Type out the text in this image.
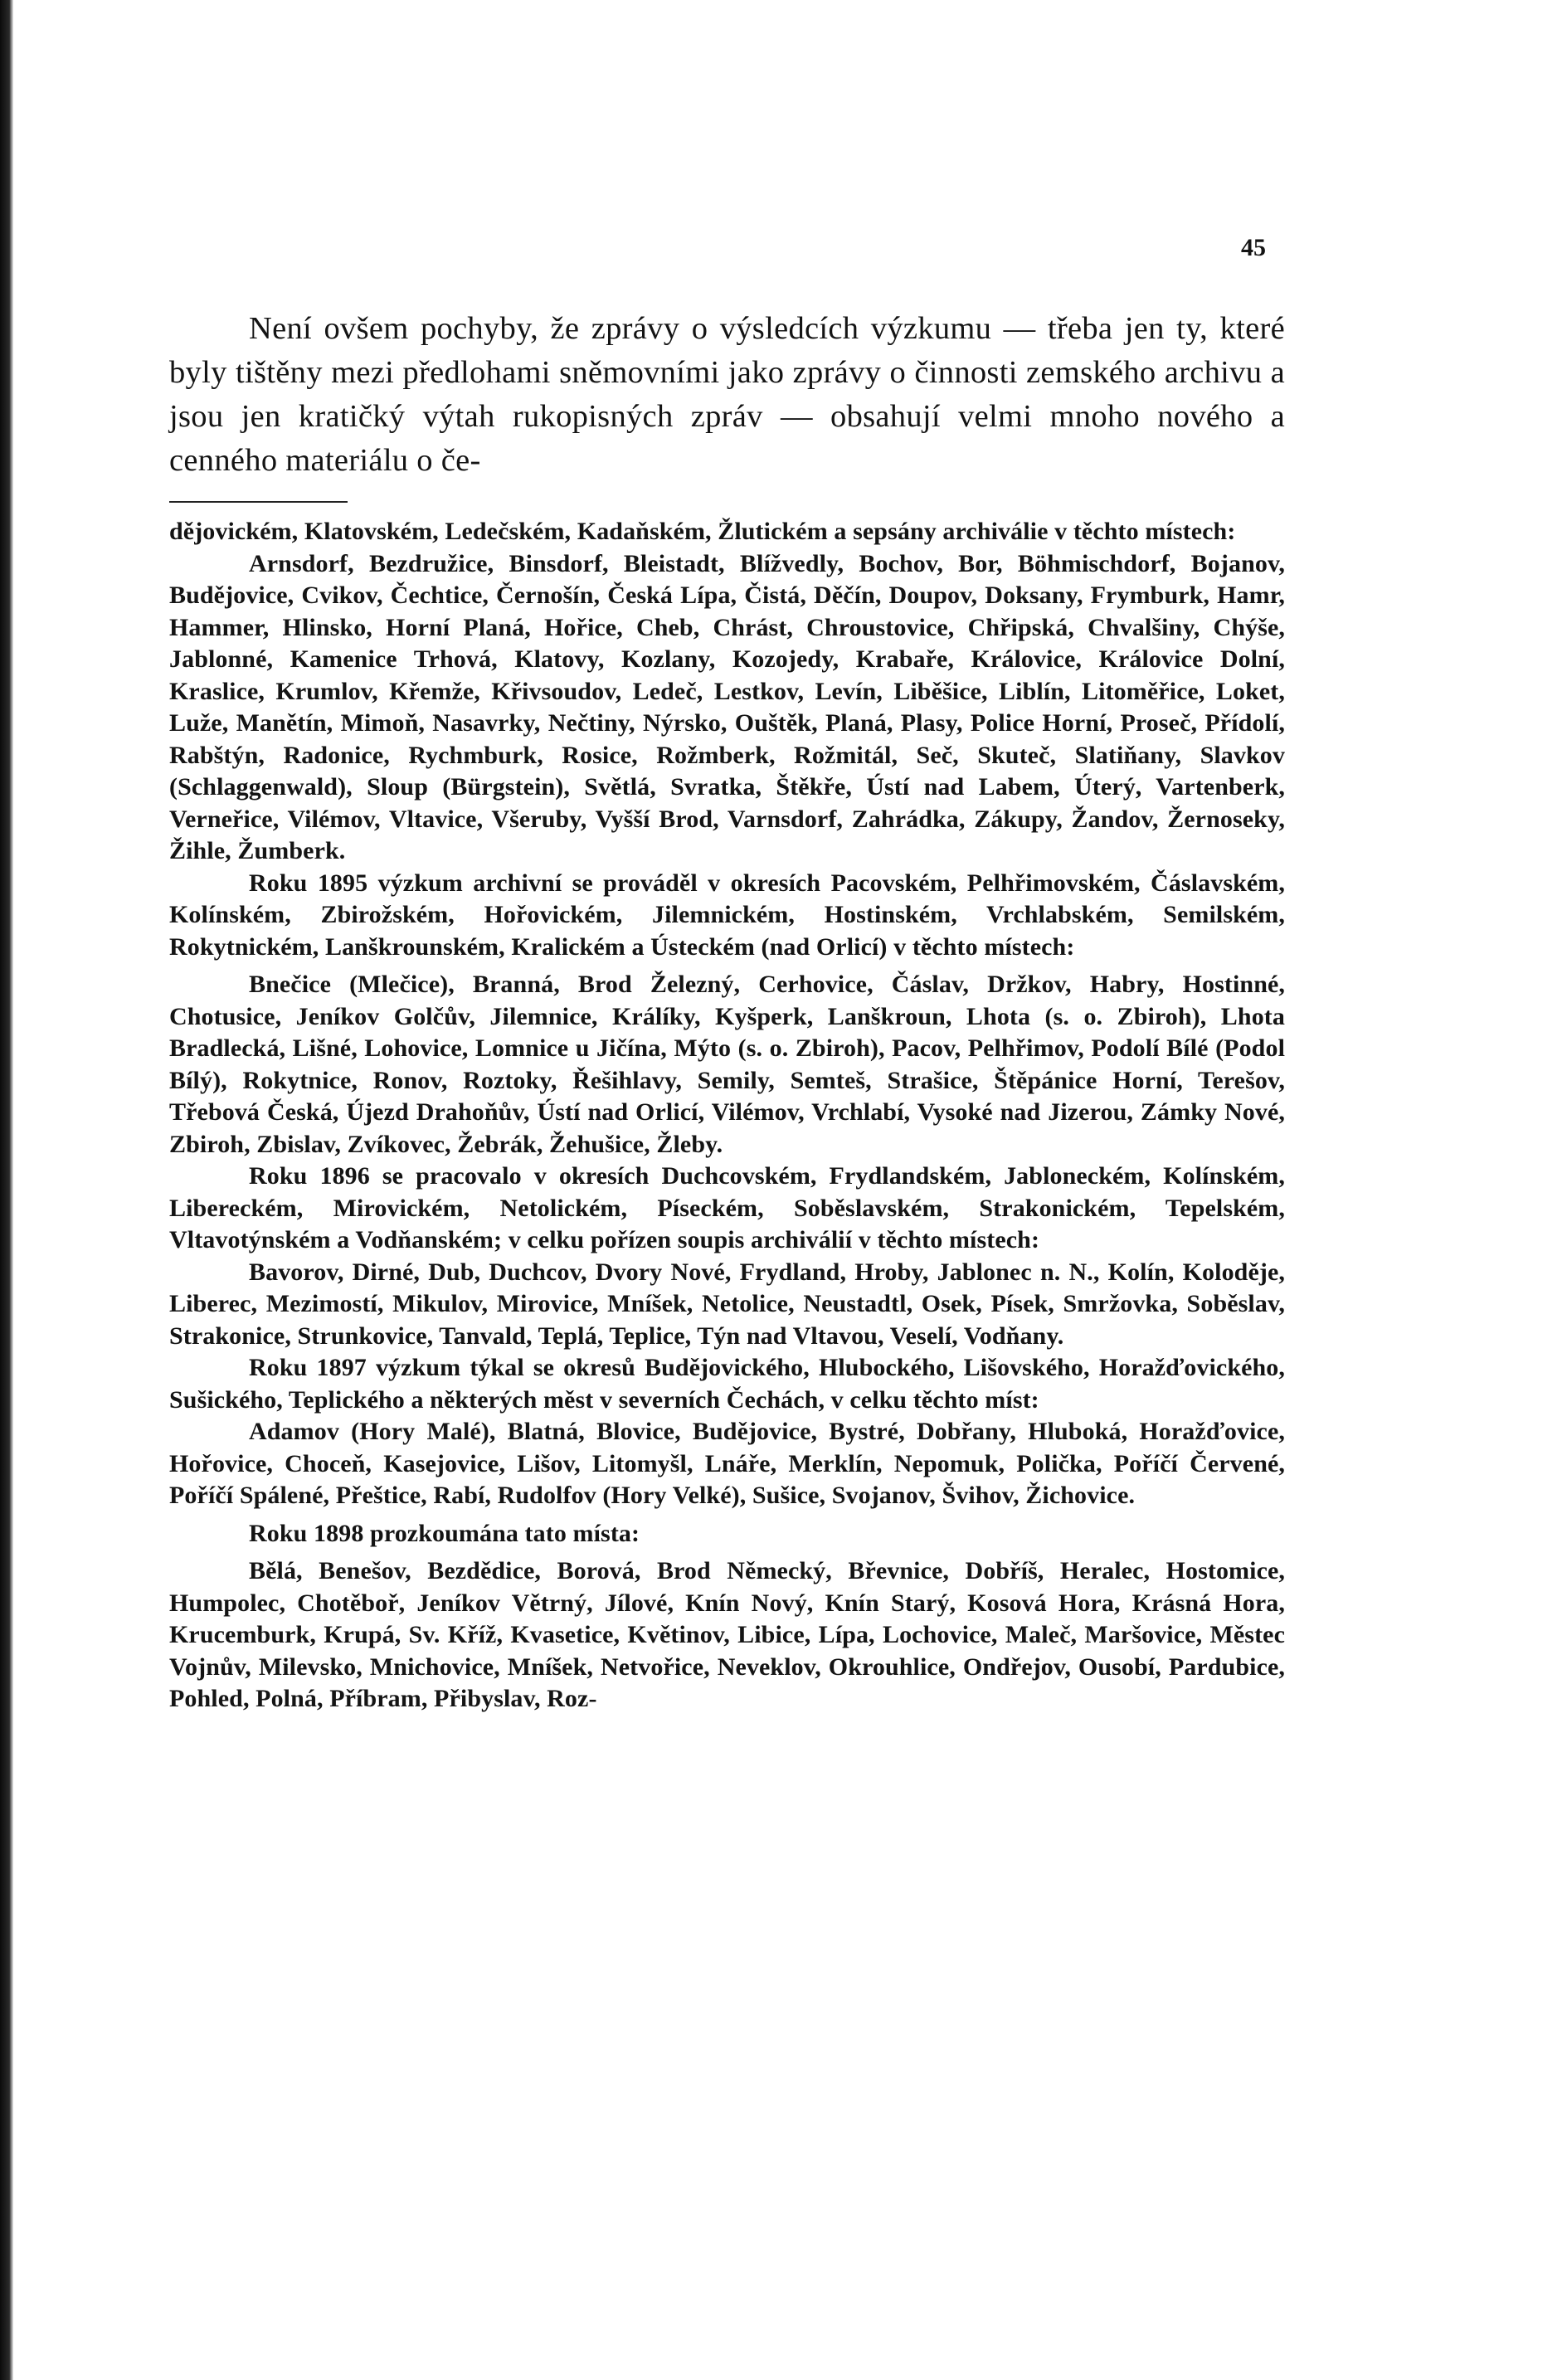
45

Není ovšem pochyby, že zprávy o výsledcích výzkumu — třeba jen ty, které byly tištěny mezi předlohami sněmovními jako zprávy o činnosti zemského archivu a jsou jen kratičký výtah rukopisných zpráv — obsahují velmi mnoho nového a cenného materiálu o če-

dějovickém, Klatovském, Ledečském, Kadaňském, Žlutickém a sepsány archiválie v těchto místech:

Arnsdorf, Bezdružice, Binsdorf, Bleistadt, Blížvedly, Bochov, Bor, Böhmischdorf, Bojanov, Budějovice, Cvikov, Čechtice, Černošín, Česká Lípa, Čistá, Děčín, Doupov, Doksany, Frymburk, Hamr, Hammer, Hlinsko, Horní Planá, Hořice, Cheb, Chrást, Chroustovice, Chřipská, Chvalšiny, Chýše, Jablonné, Kamenice Trhová, Klatovy, Kozlany, Kozojedy, Krabaře, Královice, Královice Dolní, Kraslice, Krumlov, Křemže, Křivsoudov, Ledeč, Lestkov, Levín, Liběšice, Liblín, Litoměřice, Loket, Luže, Manětín, Mimoň, Nasavrky, Nečtiny, Nýrsko, Ouštěk, Planá, Plasy, Police Horní, Proseč, Přídolí, Rabštýn, Radonice, Rychmburk, Rosice, Rožmberk, Rožmitál, Seč, Skuteč, Slatiňany, Slavkov (Schlaggenwald), Sloup (Bürgstein), Světlá, Svratka, Štěkře, Ústí nad Labem, Úterý, Vartenberk, Verneřice, Vilémov, Vltavice, Všeruby, Vyšší Brod, Varnsdorf, Zahrádka, Zákupy, Žandov, Žernoseky, Žihle, Žumberk.

Roku 1895 výzkum archivní se prováděl v okresích Pacovském, Pelhřimovském, Čáslavském, Kolínském, Zbirožském, Hořovickém, Jilemnickém, Hostinském, Vrchlabském, Semilském, Rokytnickém, Lanškrounském, Kralickém a Ústeckém (nad Orlicí) v těchto místech:

Bnečice (Mlečice), Branná, Brod Železný, Cerhovice, Čáslav, Držkov, Habry, Hostinné, Chotusice, Jeníkov Golčův, Jilemnice, Králíky, Kyšperk, Lanškroun, Lhota (s. o. Zbiroh), Lhota Bradlecká, Lišné, Lohovice, Lomnice u Jičína, Mýto (s. o. Zbiroh), Pacov, Pelhřimov, Podolí Bílé (Podol Bílý), Rokytnice, Ronov, Roztoky, Řešihlavy, Semily, Semteš, Strašice, Štěpánice Horní, Terešov, Třebová Česká, Újezd Drahoňův, Ústí nad Orlicí, Vilémov, Vrchlabí, Vysoké nad Jizerou, Zámky Nové, Zbiroh, Zbislav, Zvíkovec, Žebrák, Žehušice, Žleby.

Roku 1896 se pracovalo v okresích Duchcovském, Frydlandském, Jabloneckém, Kolínském, Libereckém, Mirovickém, Netolickém, Píseckém, Soběslavském, Strakonickém, Tepelském, Vltavotýnském a Vodňanském; v celku pořízen soupis archiválií v těchto místech:

Bavorov, Dirné, Dub, Duchcov, Dvory Nové, Frydland, Hroby, Jablonec n. N., Kolín, Koloděje, Liberec, Mezimostí, Mikulov, Mirovice, Mníšek, Netolice, Neustadtl, Osek, Písek, Smržovka, Soběslav, Strakonice, Strunkovice, Tanvald, Teplá, Teplice, Týn nad Vltavou, Veselí, Vodňany.

Roku 1897 výzkum týkal se okresů Budějovického, Hlubockého, Lišovského, Horažďovického, Sušického, Teplického a některých měst v severních Čechách, v celku těchto míst:

Adamov (Hory Malé), Blatná, Blovice, Budějovice, Bystré, Dobřany, Hluboká, Horažďovice, Hořovice, Choceň, Kasejovice, Lišov, Litomyšl, Lnáře, Merklín, Nepomuk, Polička, Poříčí Červené, Poříčí Spálené, Přeštice, Rabí, Rudolfov (Hory Velké), Sušice, Svojanov, Švihov, Žichovice.

Roku 1898 prozkoumána tato místa:

Bělá, Benešov, Bezdědice, Borová, Brod Německý, Břevnice, Dobříš, Heralec, Hostomice, Humpolec, Chotěboř, Jeníkov Větrný, Jílové, Knín Nový, Knín Starý, Kosová Hora, Krásná Hora, Krucemburk, Krupá, Sv. Kříž, Kvasetice, Květinov, Libice, Lípa, Lochovice, Maleč, Maršovice, Městec Vojnův, Milevsko, Mnichovice, Mníšek, Netvořice, Neveklov, Okrouhlice, Ondřejov, Ousobí, Pardubice, Pohled, Polná, Příbram, Přibyslav, Roz-
